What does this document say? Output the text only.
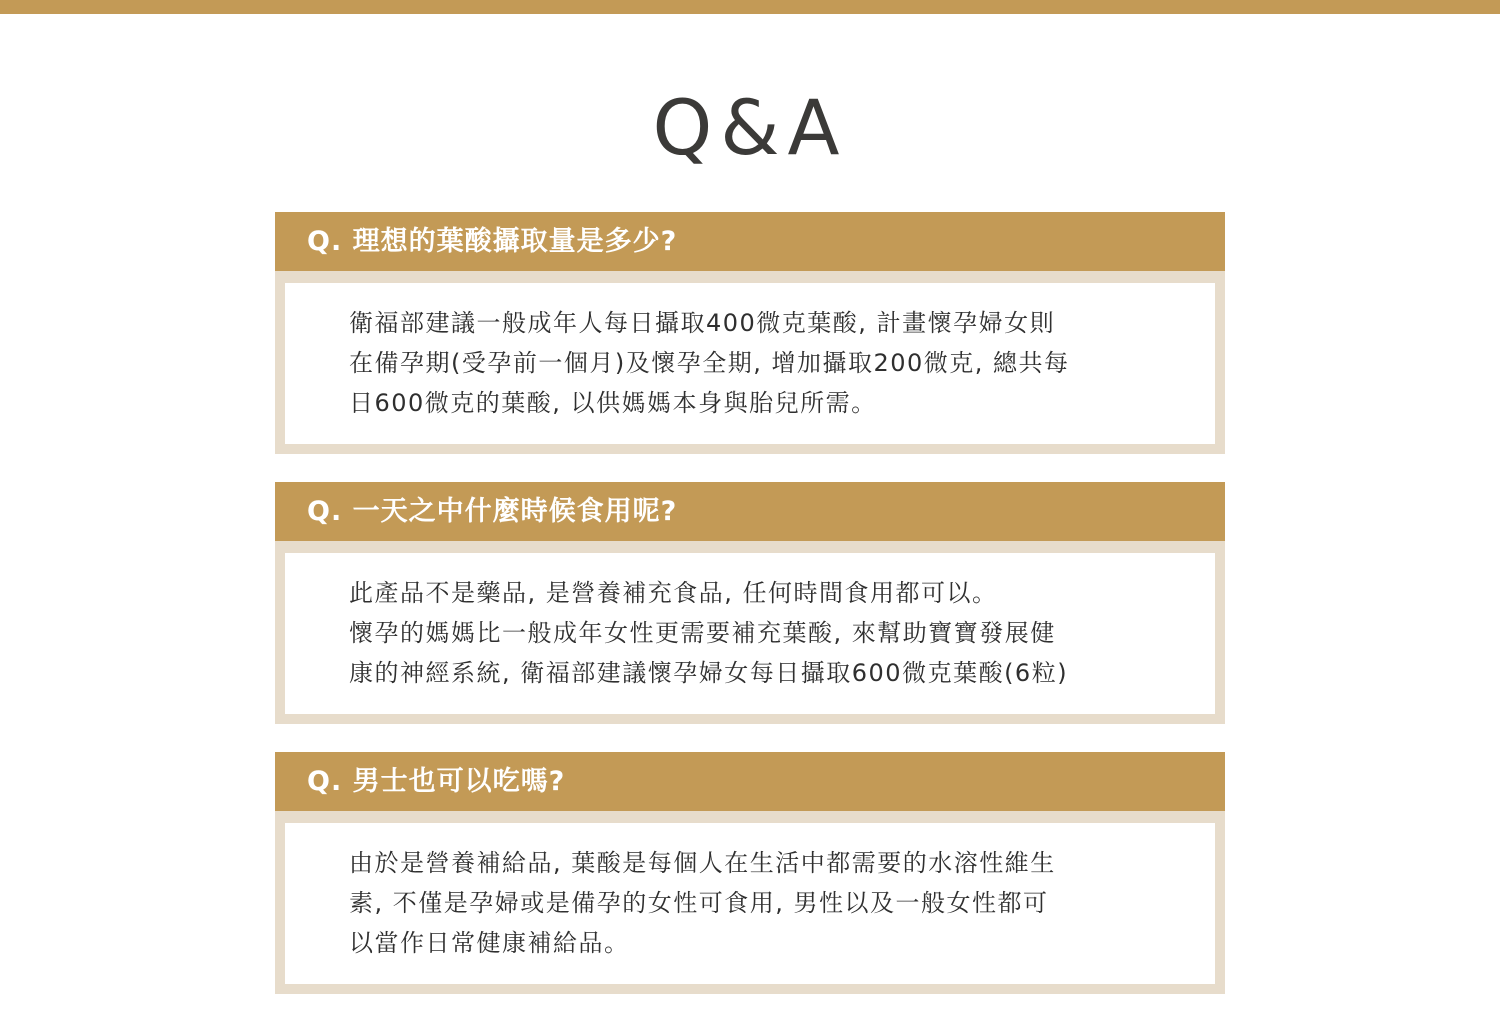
Q&A
Q. 理想的葉酸攝取量是多少?

衛福部建議一般成年人每日攝取400微克葉酸, 計畫懷孕婦女則
在備孕期(受孕前一個月)及懷孕全期, 增加攝取200微克, 總共每
日600微克的葉酸, 以供媽媽本身與胎兒所需。

Q. 一天之中什麼時候食用呢?

此產品不是藥品, 是營養補充食品, 任何時間食用都可以。
懷孕的媽媽比一般成年女性更需要補充葉酸, 來幫助寶寶發展健
康的神經系統, 衛福部建議懷孕婦女每日攝取600微克葉酸(6粒)

Q. 男士也可以吃嗎?

由於是營養補給品, 葉酸是每個人在生活中都需要的水溶性維生
素, 不僅是孕婦或是備孕的女性可食用, 男性以及一般女性都可
以當作日常健康補給品。
